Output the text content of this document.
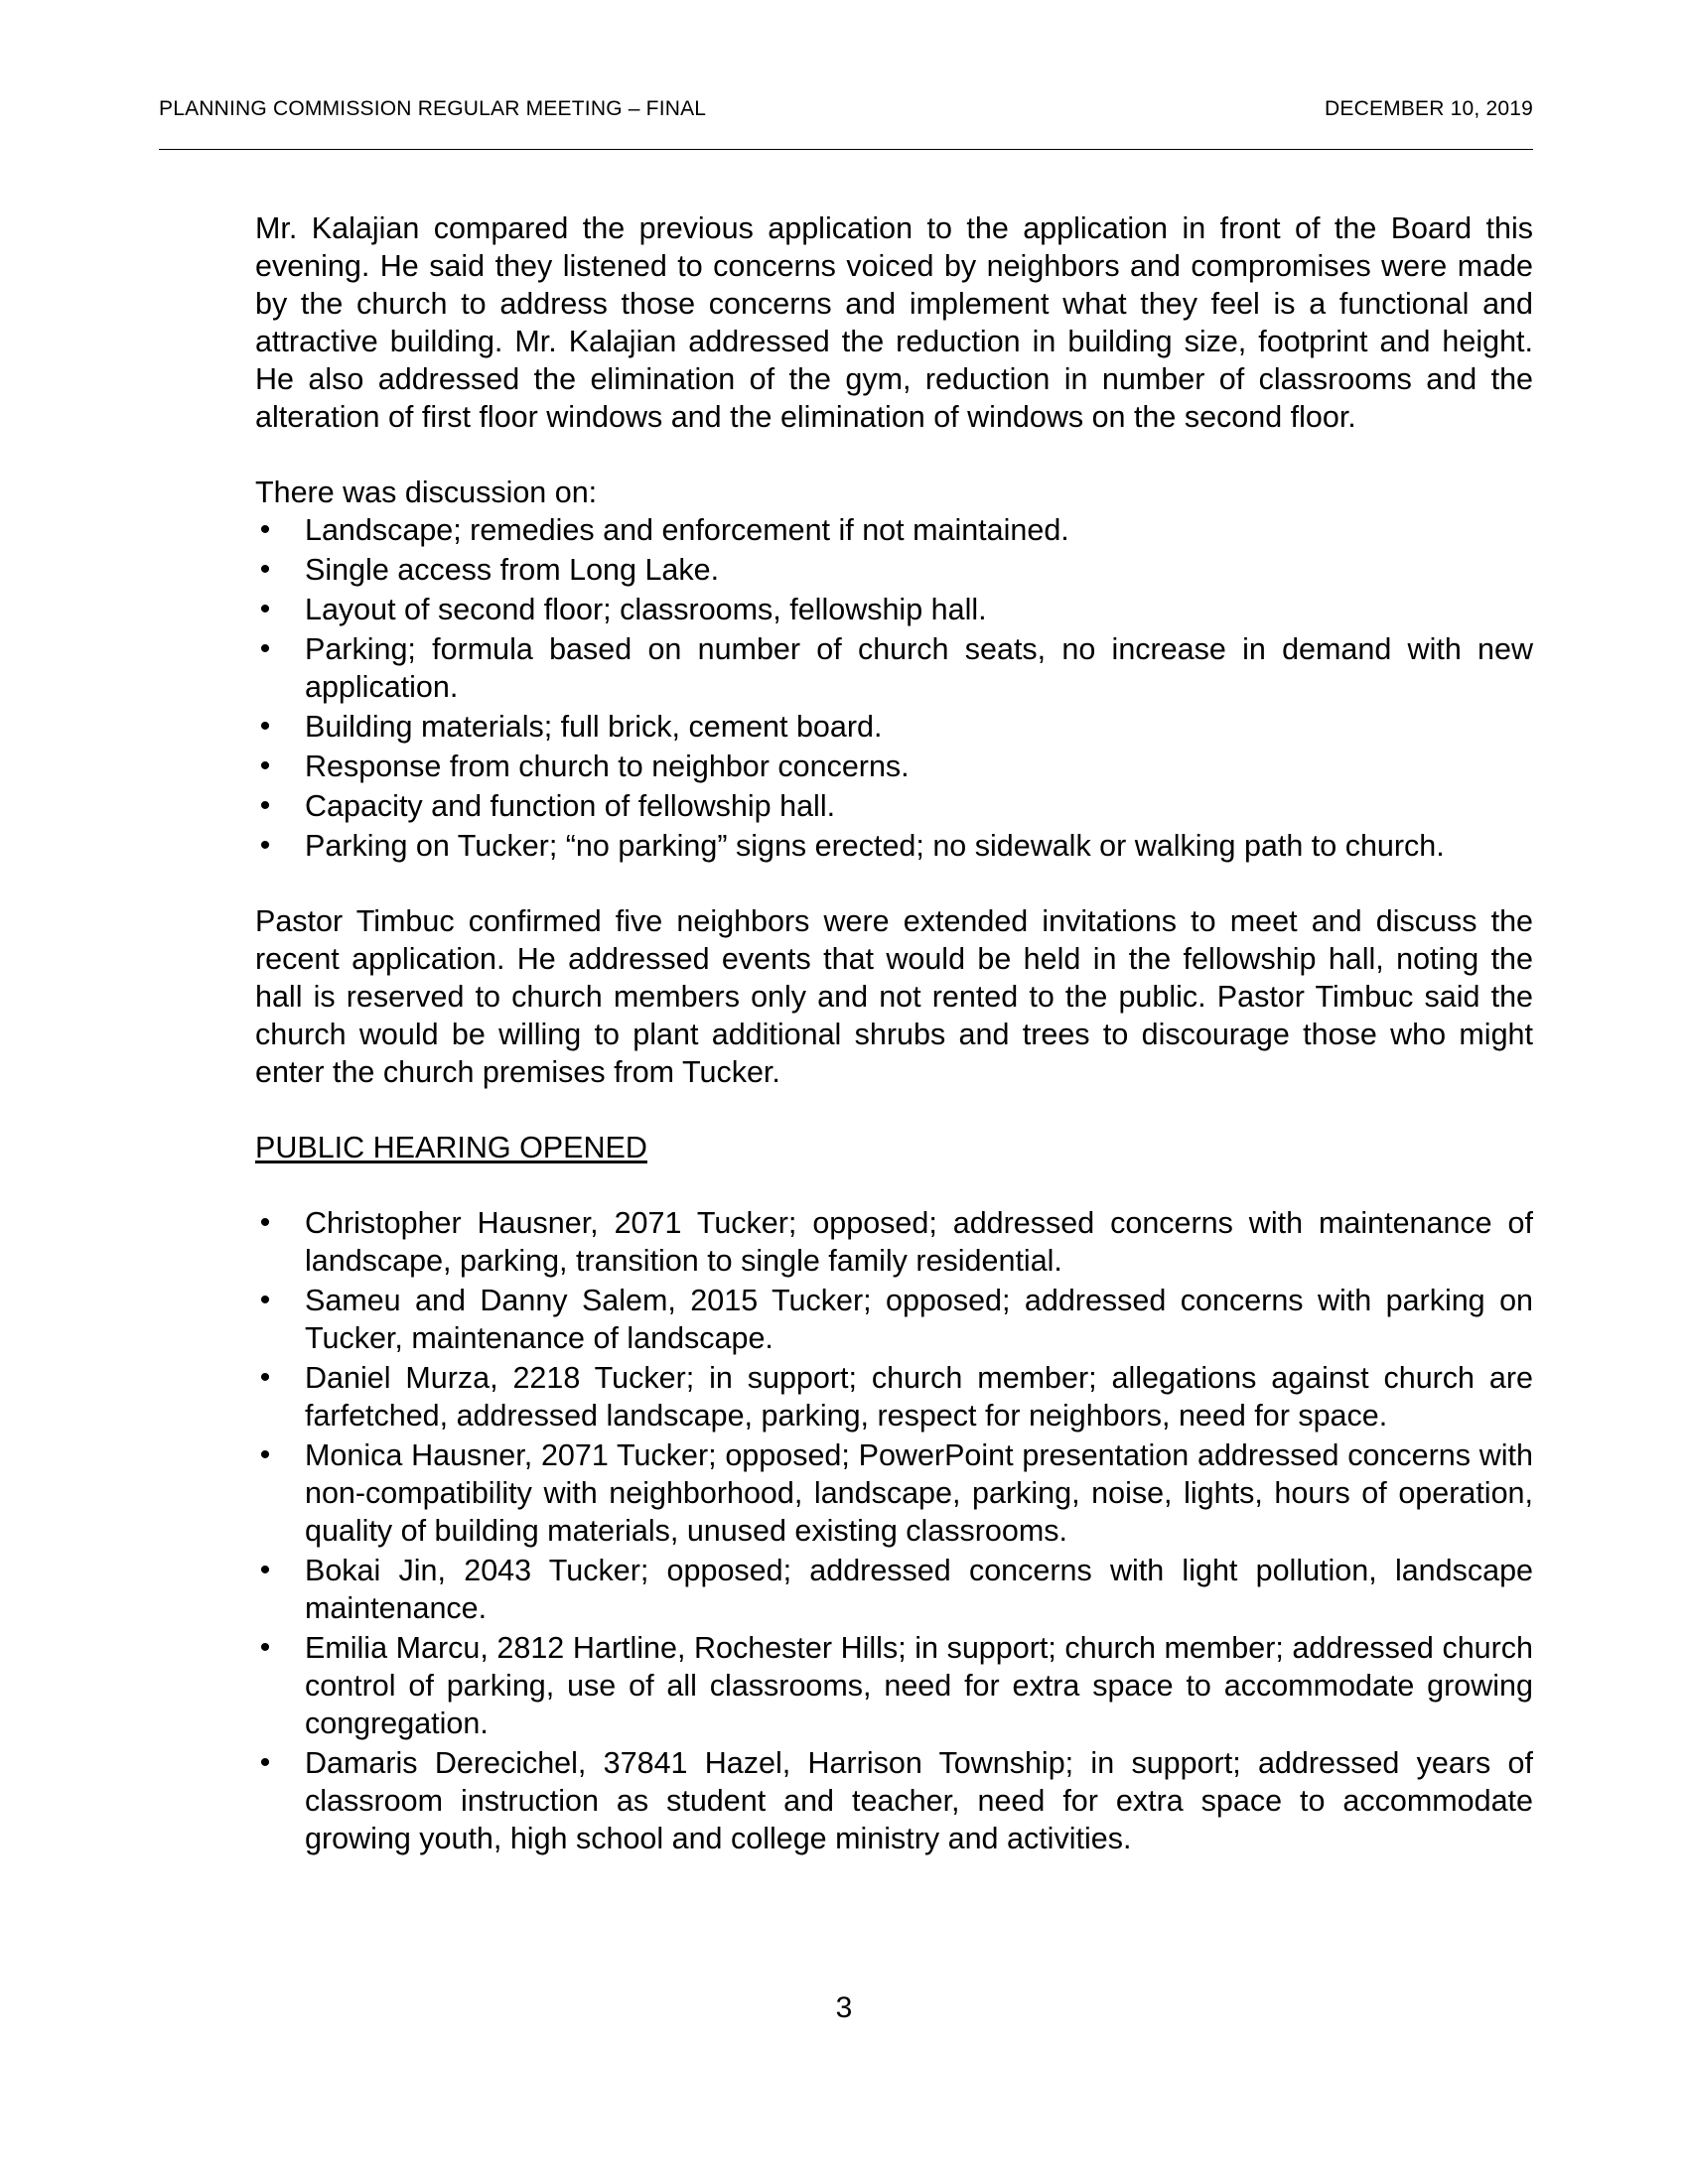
PLANNING COMMISSION REGULAR MEETING – FINAL	DECEMBER 10, 2019

Mr. Kalajian compared the previous application to the application in front of the Board this evening. He said they listened to concerns voiced by neighbors and compromises were made by the church to address those concerns and implement what they feel is a functional and attractive building. Mr. Kalajian addressed the reduction in building size, footprint and height. He also addressed the elimination of the gym, reduction in number of classrooms and the alteration of first floor windows and the elimination of windows on the second floor.

There was discussion on:

• Landscape; remedies and enforcement if not maintained.
• Single access from Long Lake.
• Layout of second floor; classrooms, fellowship hall.
• Parking; formula based on number of church seats, no increase in demand with new application.
• Building materials; full brick, cement board.
• Response from church to neighbor concerns.
• Capacity and function of fellowship hall.
• Parking on Tucker; “no parking” signs erected; no sidewalk or walking path to church.

Pastor Timbuc confirmed five neighbors were extended invitations to meet and discuss the recent application. He addressed events that would be held in the fellowship hall, noting the hall is reserved to church members only and not rented to the public. Pastor Timbuc said the church would be willing to plant additional shrubs and trees to discourage those who might enter the church premises from Tucker.

PUBLIC HEARING OPENED

• Christopher Hausner, 2071 Tucker; opposed; addressed concerns with maintenance of landscape, parking, transition to single family residential.
• Sameu and Danny Salem, 2015 Tucker; opposed; addressed concerns with parking on Tucker, maintenance of landscape.
• Daniel Murza, 2218 Tucker; in support; church member; allegations against church are farfetched, addressed landscape, parking, respect for neighbors, need for space.
• Monica Hausner, 2071 Tucker; opposed; PowerPoint presentation addressed concerns with non-compatibility with neighborhood, landscape, parking, noise, lights, hours of operation, quality of building materials, unused existing classrooms.
• Bokai Jin, 2043 Tucker; opposed; addressed concerns with light pollution, landscape maintenance.
• Emilia Marcu, 2812 Hartline, Rochester Hills; in support; church member; addressed church control of parking, use of all classrooms, need for extra space to accommodate growing congregation.
• Damaris Derecichel, 37841 Hazel, Harrison Township; in support; addressed years of classroom instruction as student and teacher, need for extra space to accommodate growing youth, high school and college ministry and activities.
3
